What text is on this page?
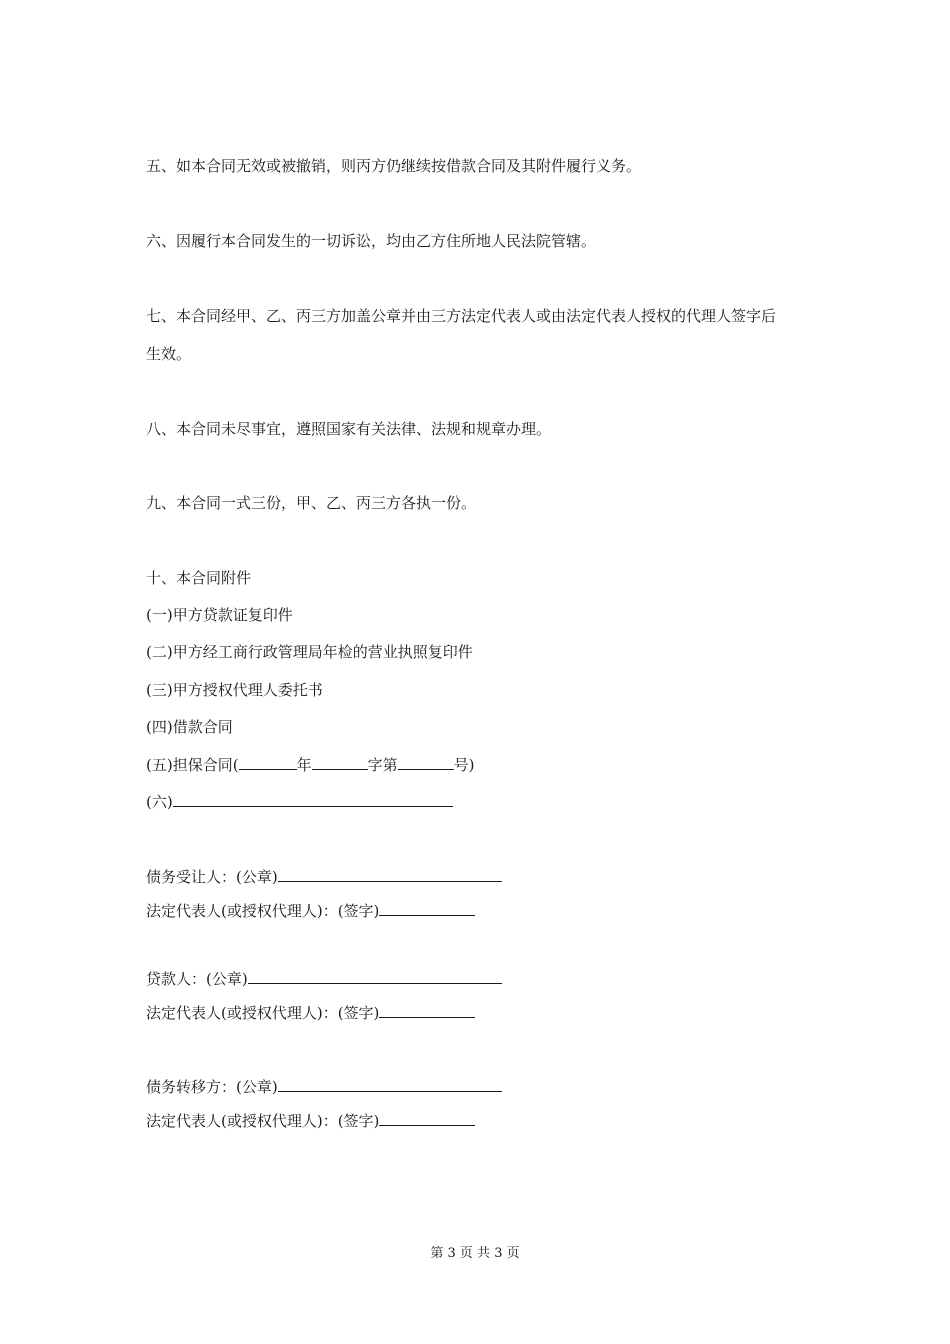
五、如本合同无效或被撤销，则丙方仍继续按借款合同及其附件履行义务。
六、因履行本合同发生的一切诉讼，均由乙方住所地人民法院管辖。
七、本合同经甲、乙、丙三方加盖公章并由三方法定代表人或由法定代表人授权的代理人签字后
生效。
八、本合同未尽事宜，遵照国家有关法律、法规和规章办理。
九、本合同一式三份，甲、乙、丙三方各执一份。
十、本合同附件
(一)甲方贷款证复印件
(二)甲方经工商行政管理局年检的营业执照复印件
(三)甲方授权代理人委托书
(四)借款合同
(五)担保合同(	年	字第	号)
(六)
债务受让人：(公章)
法定代表人(或授权代理人)：(签字)
贷款人：(公章)
法定代表人(或授权代理人)：(签字)
债务转移方：(公章)
法定代表人(或授权代理人)：(签字)
第 3 页 共 3 页
